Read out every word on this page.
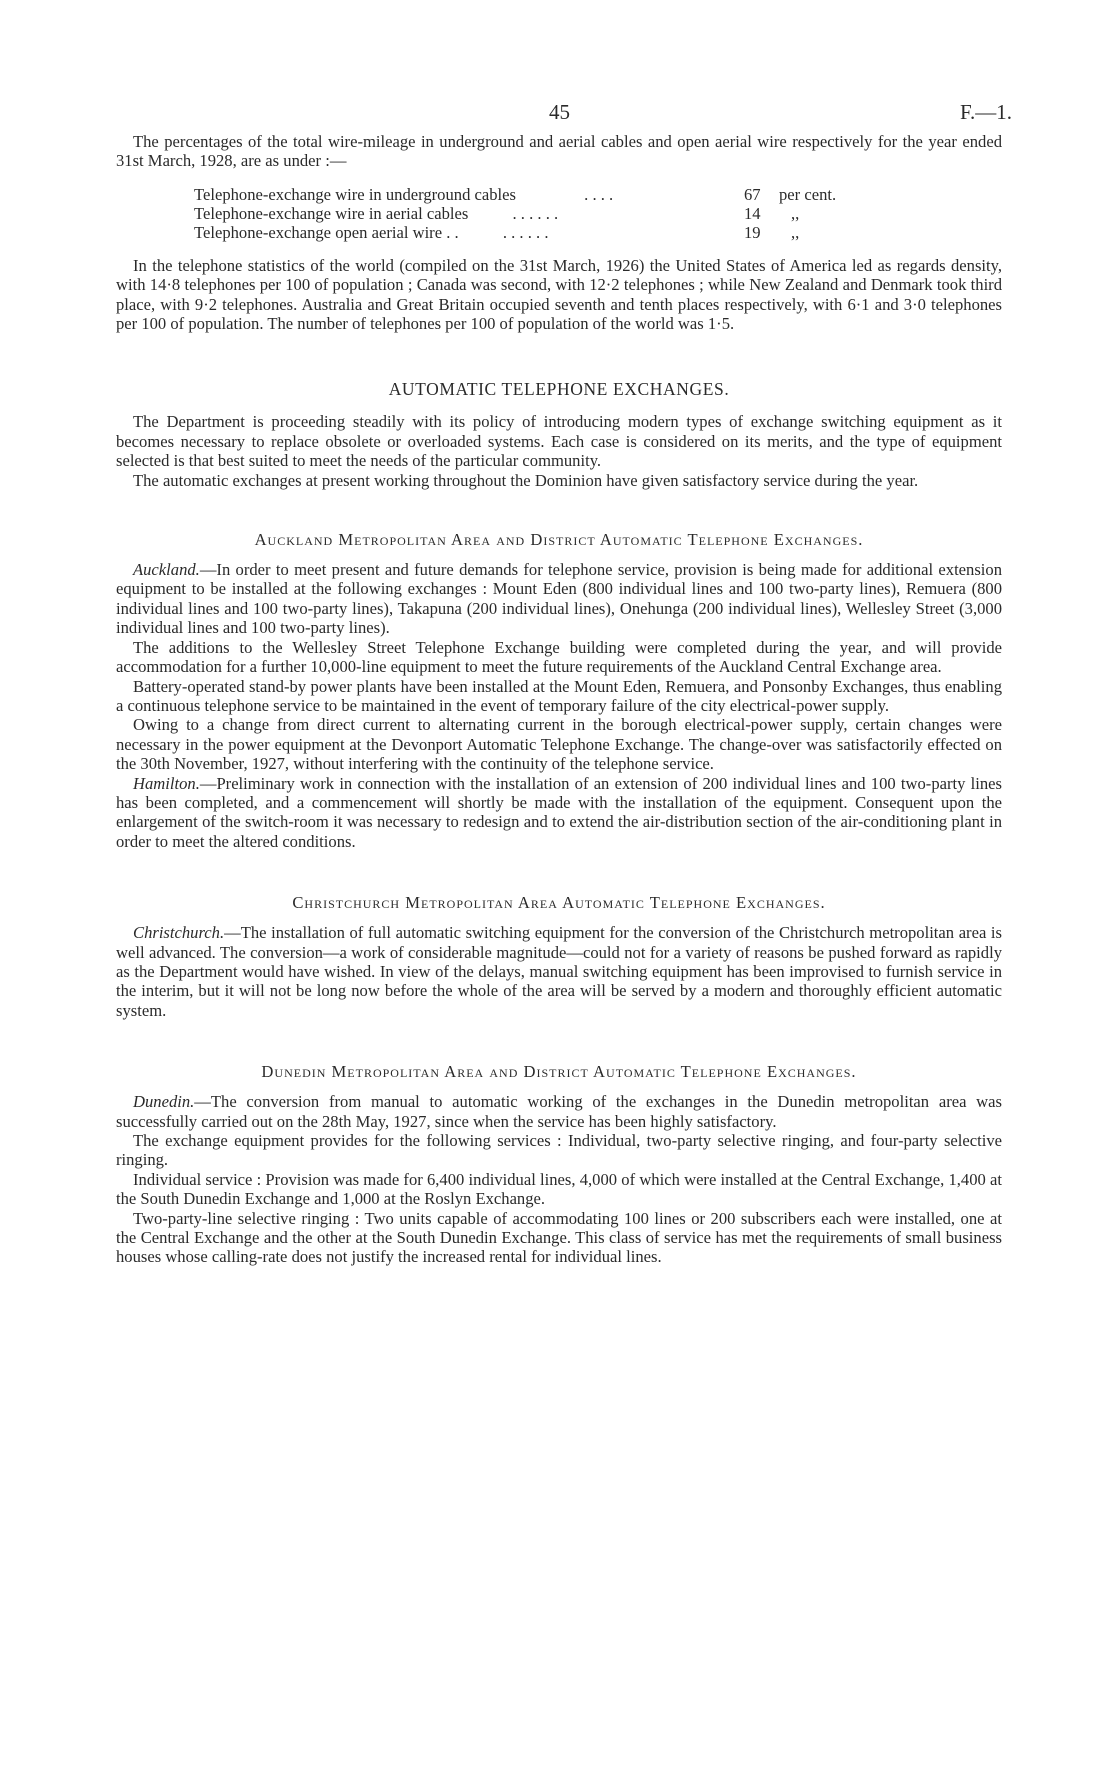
45	F.—1.

The percentages of the total wire-mileage in underground and aerial cables and open aerial wire respectively for the year ended 31st March, 1928, are as under :—

Telephone-exchange wire in underground cables . . . .	67	per cent.
Telephone-exchange wire in aerial cables . . . . . .	14	,,
Telephone-exchange open aerial wire . . . . . . . .	19	,,

In the telephone statistics of the world (compiled on the 31st March, 1926) the United States of America led as regards density, with 14·8 telephones per 100 of population ; Canada was second, with 12·2 telephones ; while New Zealand and Denmark took third place, with 9·2 telephones. Australia and Great Britain occupied seventh and tenth places respectively, with 6·1 and 3·0 telephones per 100 of population. The number of telephones per 100 of population of the world was 1·5.

AUTOMATIC TELEPHONE EXCHANGES.

The Department is proceeding steadily with its policy of introducing modern types of exchange switching equipment as it becomes necessary to replace obsolete or overloaded systems. Each case is considered on its merits, and the type of equipment selected is that best suited to meet the needs of the particular community.

The automatic exchanges at present working throughout the Dominion have given satisfactory service during the year.

Auckland Metropolitan Area and District Automatic Telephone Exchanges.

Auckland.—In order to meet present and future demands for telephone service, provision is being made for additional extension equipment to be installed at the following exchanges : Mount Eden (800 individual lines and 100 two-party lines), Remuera (800 individual lines and 100 two-party lines), Takapuna (200 individual lines), Onehunga (200 individual lines), Wellesley Street (3,000 individual lines and 100 two-party lines).

The additions to the Wellesley Street Telephone Exchange building were completed during the year, and will provide accommodation for a further 10,000-line equipment to meet the future requirements of the Auckland Central Exchange area.

Battery-operated stand-by power plants have been installed at the Mount Eden, Remuera, and Ponsonby Exchanges, thus enabling a continuous telephone service to be maintained in the event of temporary failure of the city electrical-power supply.

Owing to a change from direct current to alternating current in the borough electrical-power supply, certain changes were necessary in the power equipment at the Devonport Automatic Telephone Exchange. The change-over was satisfactorily effected on the 30th November, 1927, without interfering with the continuity of the telephone service.

Hamilton.—Preliminary work in connection with the installation of an extension of 200 individual lines and 100 two-party lines has been completed, and a commencement will shortly be made with the installation of the equipment. Consequent upon the enlargement of the switch-room it was necessary to redesign and to extend the air-distribution section of the air-conditioning plant in order to meet the altered conditions.

Christchurch Metropolitan Area Automatic Telephone Exchanges.

Christchurch.—The installation of full automatic switching equipment for the conversion of the Christchurch metropolitan area is well advanced. The conversion—a work of considerable magnitude—could not for a variety of reasons be pushed forward as rapidly as the Department would have wished. In view of the delays, manual switching equipment has been improvised to furnish service in the interim, but it will not be long now before the whole of the area will be served by a modern and thoroughly efficient automatic system.

Dunedin Metropolitan Area and District Automatic Telephone Exchanges.

Dunedin.—The conversion from manual to automatic working of the exchanges in the Dunedin metropolitan area was successfully carried out on the 28th May, 1927, since when the service has been highly satisfactory.

The exchange equipment provides for the following services : Individual, two-party selective ringing, and four-party selective ringing.

Individual service : Provision was made for 6,400 individual lines, 4,000 of which were installed at the Central Exchange, 1,400 at the South Dunedin Exchange and 1,000 at the Roslyn Exchange.

Two-party-line selective ringing : Two units capable of accommodating 100 lines or 200 subscribers each were installed, one at the Central Exchange and the other at the South Dunedin Exchange. This class of service has met the requirements of small business houses whose calling-rate does not justify the increased rental for individual lines.
